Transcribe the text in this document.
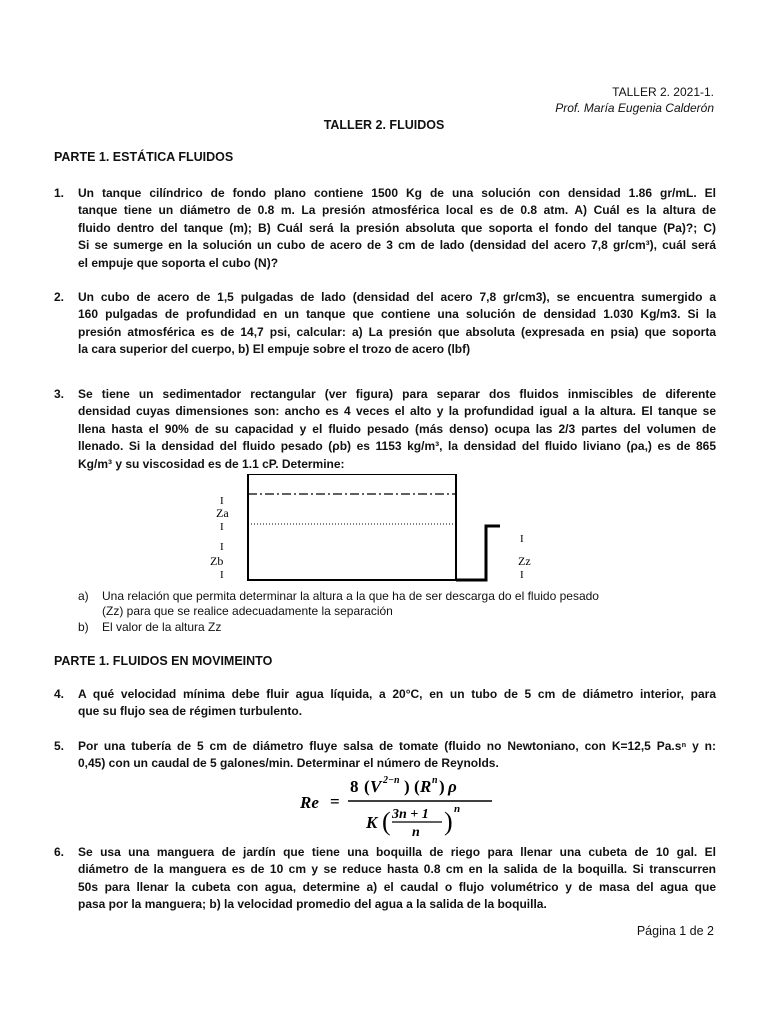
TALLER 2. 2021-1.
Prof. María Eugenia Calderón
TALLER 2. FLUIDOS
PARTE 1. ESTÁTICA FLUIDOS
1. Un tanque cilíndrico de fondo plano contiene 1500 Kg de una solución con densidad 1.86 gr/mL. El
tanque tiene un diámetro de 0.8 m. La presión atmosférica local es de 0.8 atm. A) Cuál es la altura de
fluido dentro del tanque (m); B) Cuál será la presión absoluta que soporta el fondo del tanque (Pa)?; C)
Si se sumerge en la solución un cubo de acero de 3 cm de lado (densidad del acero 7,8 gr/cm³), cuál será
el empuje que soporta el cubo (N)?
2. Un cubo de acero de 1,5 pulgadas de lado (densidad del acero 7,8 gr/cm3), se encuentra sumergido a
160 pulgadas de profundidad en un tanque que contiene una solución de densidad 1.030 Kg/m3. Si la
presión atmosférica es de 14,7 psi, calcular: a) La presión que absoluta (expresada en psia) que soporta
la cara superior del cuerpo, b) El empuje sobre el trozo de acero (lbf)
3. Se tiene un sedimentador rectangular (ver figura) para separar dos fluidos inmiscibles de diferente
densidad cuyas dimensiones son: ancho es 4 veces el alto y la profundidad igual a la altura. El tanque se
llena hasta el 90% de su capacidad y el fluido pesado (más denso) ocupa las 2/3 partes del volumen de
llenado. Si la densidad del fluido pesado (ρb) es 1153 kg/m³, la densidad del fluido liviano (ρa,) es de 865
Kg/m³ y su viscosidad es de 1.1 cP. Determine:
I
Za
I
I
Zb
I
I
Zz
I
a) Una relación que permita determinar la altura a la que ha de ser descarga do el fluido pesado
(Zz) para que se realice adecuadamente la separación
b) El valor de la altura Zz
PARTE 1. FLUIDOS EN MOVIMEINTO
4. A qué velocidad mínima debe fluir agua líquida, a 20°C, en un tubo de 5 cm de diámetro interior, para
que su flujo sea de régimen turbulento.
5. Por una tubería de 5 cm de diámetro fluye salsa de tomate (fluido no Newtoniano, con K=12,5 Pa.sⁿ y n:
0,45) con un caudal de 5 galones/min. Determinar el número de Reynolds.
Re =
8 ( V 2−n ) ( R n ) ρ
K ( 3n + 1
n ) n
6. Se usa una manguera de jardín que tiene una boquilla de riego para llenar una cubeta de 10 gal. El
diámetro de la manguera es de 10 cm y se reduce hasta 0.8 cm en la salida de la boquilla. Si transcurren
50s para llenar la cubeta con agua, determine a) el caudal o flujo volumétrico y de masa del agua que
pasa por la manguera; b) la velocidad promedio del agua a la salida de la boquilla.
Página 1 de 2
